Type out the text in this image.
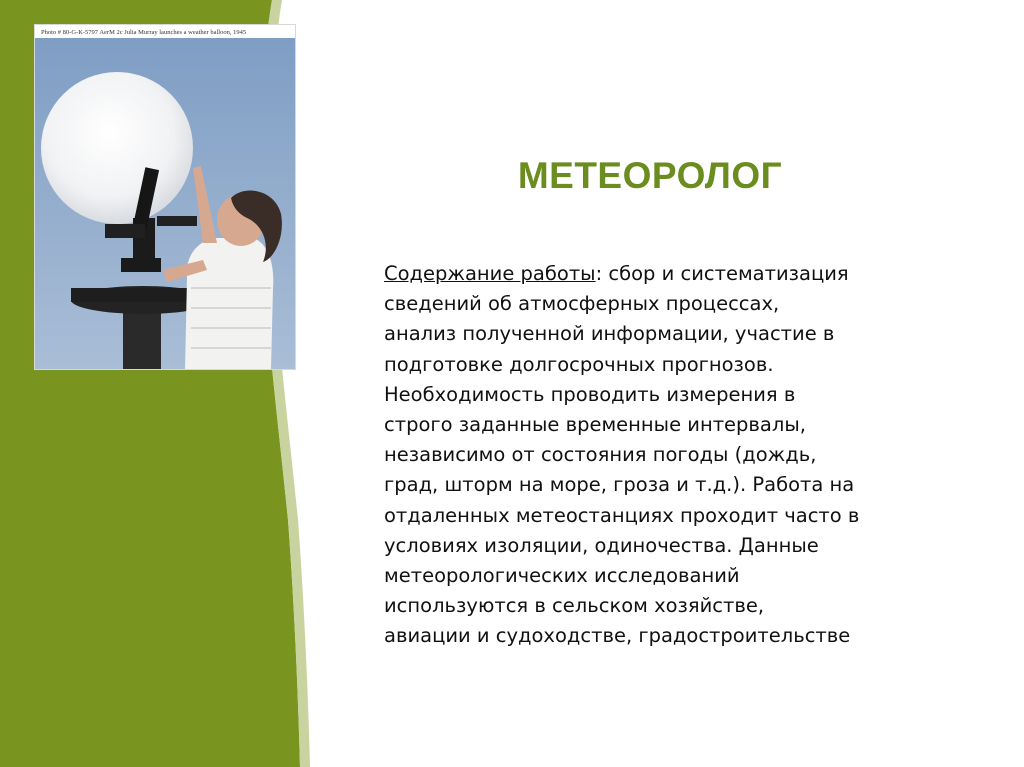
Photo # 80-G-K-5797 AerM 2c Julia Murray launches a weather balloon, 1945
МЕТЕОРОЛОГ
Содержание работы: сбор и систематизация
сведений об атмосферных процессах,
анализ полученной информации, участие в
подготовке долгосрочных прогнозов.
Необходимость проводить измерения в
строго заданные временные интервалы,
независимо от состояния погоды (дождь,
град, шторм на море, гроза и т.д.). Работа на
отдаленных метеостанциях проходит часто в
условиях изоляции, одиночества. Данные
метеорологических исследований
используются в сельском хозяйстве,
авиации и судоходстве, градостроительстве
